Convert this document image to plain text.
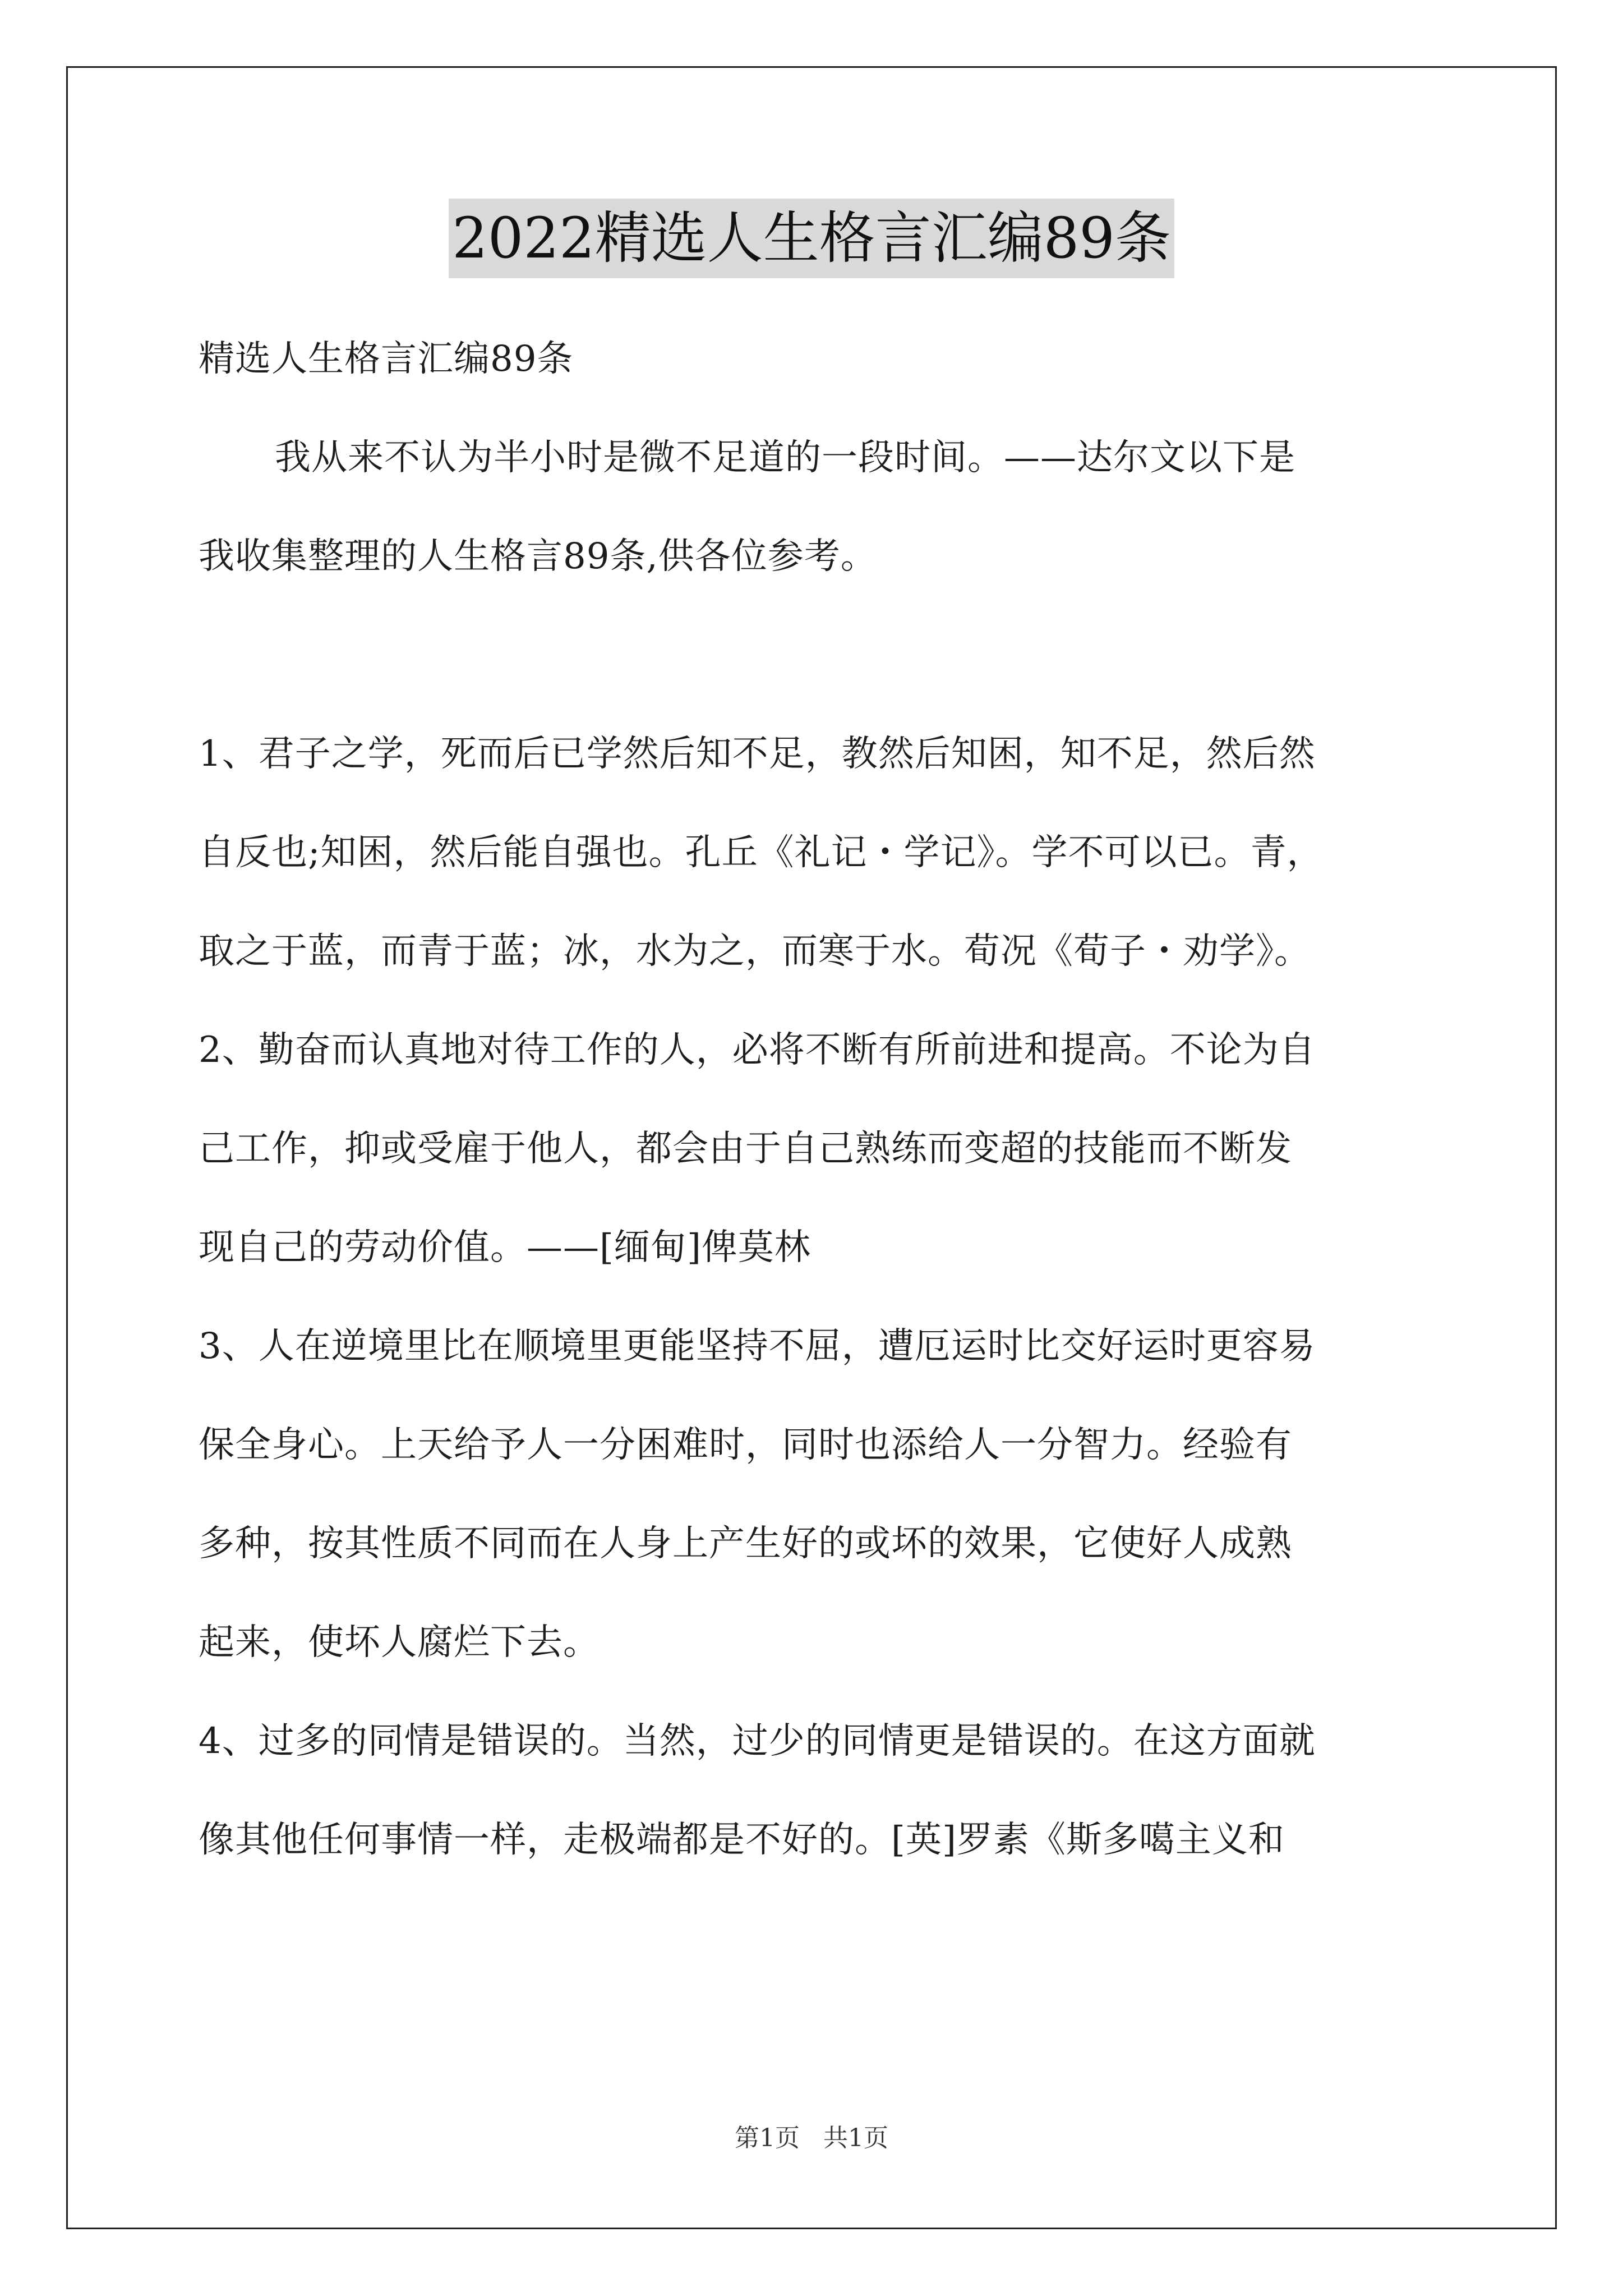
2022精选人生格言汇编89条
精选人生格言汇编89条
我从来不认为半小时是微不足道的一段时间。——达尔文以下是
我收集整理的人生格言89条,供各位参考。
1、君子之学，死而后已学然后知不足，教然后知困，知不足，然后然
自反也;知困，然后能自强也。孔丘《礼记・学记》。学不可以已。青，
取之于蓝，而青于蓝；冰，水为之，而寒于水。荀况《荀子・劝学》。
2、勤奋而认真地对待工作的人，必将不断有所前进和提高。不论为自
己工作，抑或受雇于他人，都会由于自己熟练而变超的技能而不断发
现自己的劳动价值。——[缅甸]俾莫林
3、人在逆境里比在顺境里更能坚持不屈，遭厄运时比交好运时更容易
保全身心。上天给予人一分困难时，同时也添给人一分智力。经验有
多种，按其性质不同而在人身上产生好的或坏的效果，它使好人成熟
起来，使坏人腐烂下去。
4、过多的同情是错误的。当然，过少的同情更是错误的。在这方面就
像其他任何事情一样，走极端都是不好的。[英]罗素《斯多噶主义和
第1页   共1页
